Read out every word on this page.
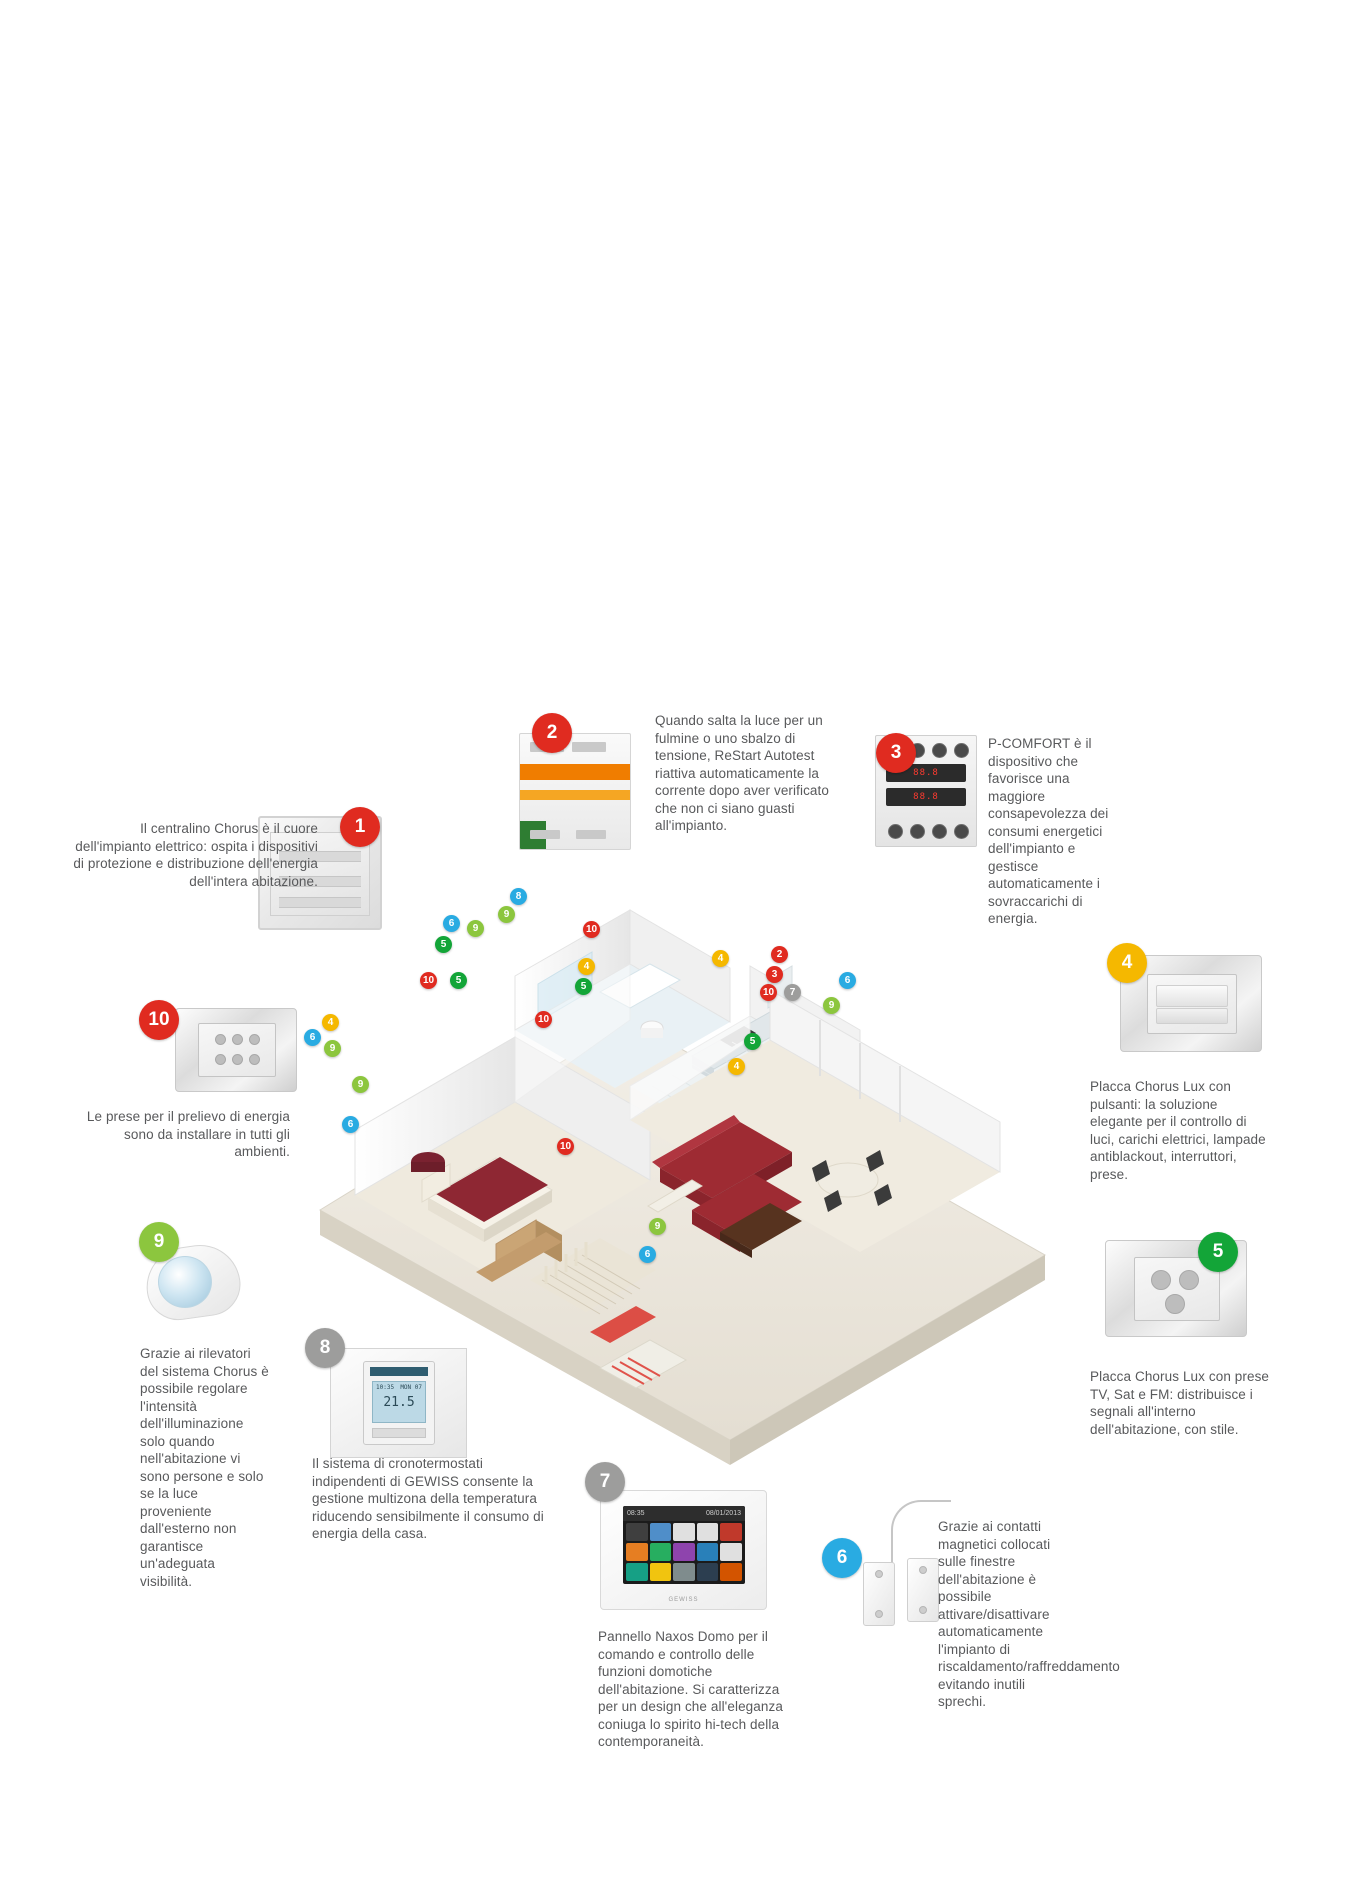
1
Il centralino Chorus è il cuore dell'impianto elettrico: ospita i dispositivi di protezione e distribuzione dell'energia dell'intera abitazione.
2
Quando salta la luce per un fulmine o uno sbalzo di tensione, ReStart Autotest riattiva automaticamente la corrente dopo aver verificato che non ci siano guasti all'impianto.
88.8
88.8
3	P-COMFORT è il dispositivo che favorisce una maggiore consapevolezza dei consumi energetici dell'impianto e gestisce automaticamente i sovraccarichi di energia.
4
Placca Chorus Lux con pulsanti: la soluzione elegante per il controllo di luci, carichi elettrici, lampade antiblackout, interruttori, prese.
5
Placca Chorus Lux con prese TV, Sat e FM: distribuisce i segnali all'interno dell'abitazione, con stile.
10
Le prese per il prelievo di energia sono da installare in tutti gli ambienti.
9
Grazie ai rilevatori del sistema Chorus è possibile regolare l'intensità dell'illuminazione solo quando nell'abitazione vi sono persone e solo se la luce proveniente dall'esterno non garantisce un'adeguata visibilità.
10:35 MON 07
21.5
8
Il sistema di cronotermostati indipendenti di GEWISS consente la gestione multizona della temperatura riducendo sensibilmente il consumo di energia della casa.
08:35	08/01/2013
GEWISS
7
Pannello Naxos Domo per il comando e controllo delle funzioni domotiche dell'abitazione. Si caratterizza per un design che all'eleganza coniuga lo spirito hi-tech della contemporaneità.
6
Grazie ai contatti magnetici collocati sulle finestre dell'abitazione è possibile attivare/disattivare automaticamente l'impianto di riscaldamento/raffreddamento evitando inutili sprechi.
8
6	9
9
5
10
4
5
4	2
3
10	7
6
9
10	5
6
4
9
9
6
10
5
4
10
9
6
